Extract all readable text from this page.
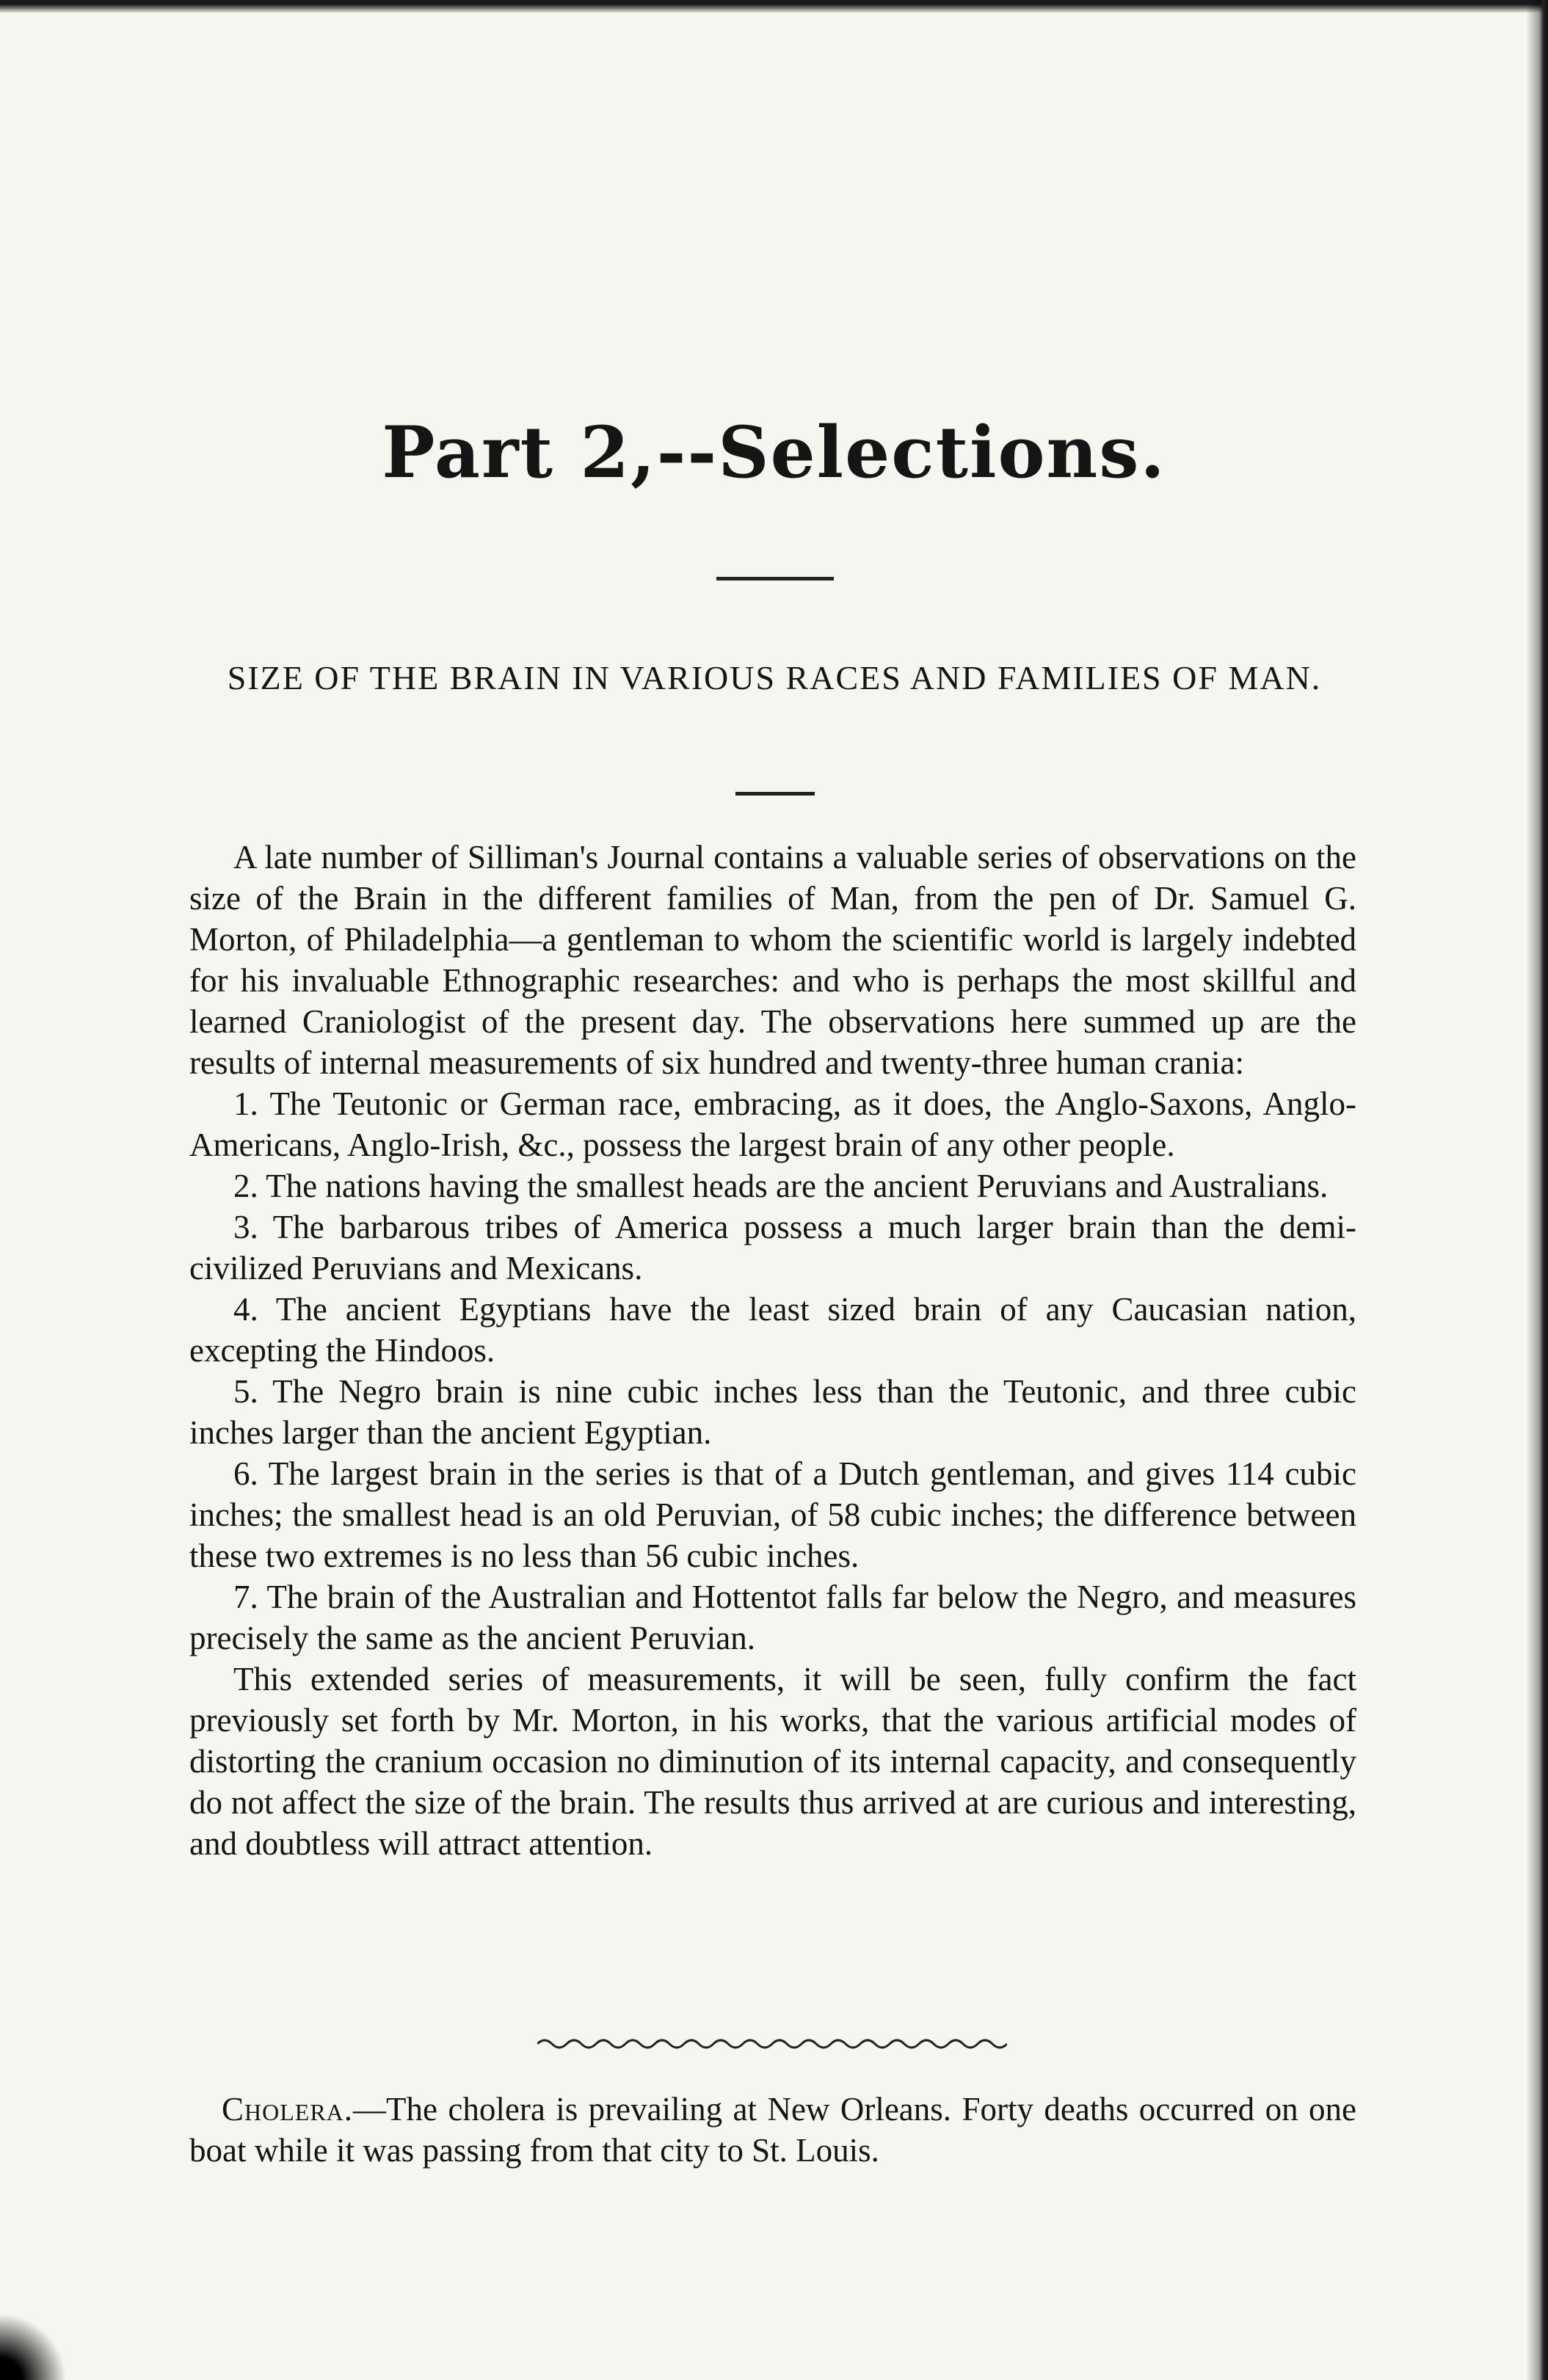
Part 2,--Selections.
SIZE OF THE BRAIN IN VARIOUS RACES AND FAMILIES OF MAN.

A late number of Silliman's Journal contains a valuable series of observations on the size of the Brain in the different families of Man, from the pen of Dr. Samuel G. Morton, of Philadelphia—a gentleman to whom the scientific world is largely indebted for his invaluable Ethnographic researches: and who is perhaps the most skillful and learned Craniologist of the present day. The observations here summed up are the results of internal measurements of six hundred and twenty-three human crania:

1. The Teutonic or German race, embracing, as it does, the Anglo-Saxons, Anglo-Americans, Anglo-Irish, &c., possess the largest brain of any other people.

2. The nations having the smallest heads are the ancient Peruvians and Australians.

3. The barbarous tribes of America possess a much larger brain than the demi-civilized Peruvians and Mexicans.

4. The ancient Egyptians have the least sized brain of any Caucasian nation, excepting the Hindoos.

5. The Negro brain is nine cubic inches less than the Teutonic, and three cubic inches larger than the ancient Egyptian.

6. The largest brain in the series is that of a Dutch gentleman, and gives 114 cubic inches; the smallest head is an old Peruvian, of 58 cubic inches; the difference between these two extremes is no less than 56 cubic inches.

7. The brain of the Australian and Hottentot falls far below the Negro, and measures precisely the same as the ancient Peruvian.

This extended series of measurements, it will be seen, fully confirm the fact previously set forth by Mr. Morton, in his works, that the various artificial modes of distorting the cranium occasion no diminution of its internal capacity, and consequently do not affect the size of the brain. The results thus arrived at are curious and interesting, and doubtless will attract attention.

Cholera.—The cholera is prevailing at New Orleans. Forty deaths occurred on one boat while it was passing from that city to St. Louis.
